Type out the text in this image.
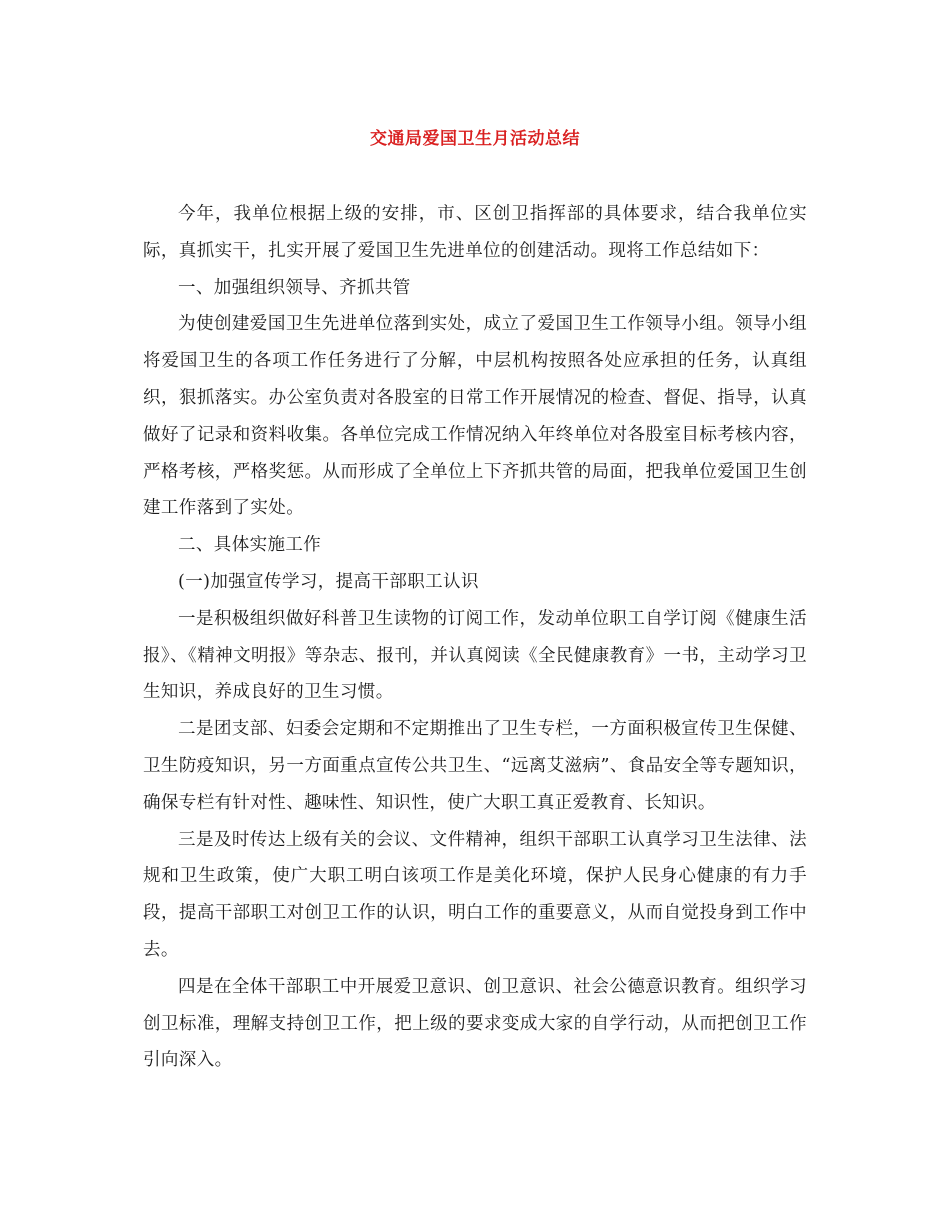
交通局爱国卫生月活动总结

今年，我单位根据上级的安排，市、区创卫指挥部的具体要求，结合我单位实际，真抓实干，扎实开展了爱国卫生先进单位的创建活动。现将工作总结如下：

一、加强组织领导、齐抓共管

为使创建爱国卫生先进单位落到实处，成立了爱国卫生工作领导小组。领导小组将爱国卫生的各项工作任务进行了分解，中层机构按照各处应承担的任务，认真组织，狠抓落实。办公室负责对各股室的日常工作开展情况的检查、督促、指导，认真做好了记录和资料收集。各单位完成工作情况纳入年终单位对各股室目标考核内容，严格考核，严格奖惩。从而形成了全单位上下齐抓共管的局面，把我单位爱国卫生创建工作落到了实处。

二、具体实施工作

(一)加强宣传学习，提高干部职工认识

一是积极组织做好科普卫生读物的订阅工作，发动单位职工自学订阅《健康生活报》、《精神文明报》等杂志、报刊，并认真阅读《全民健康教育》一书，主动学习卫生知识，养成良好的卫生习惯。

二是团支部、妇委会定期和不定期推出了卫生专栏，一方面积极宣传卫生保健、卫生防疫知识，另一方面重点宣传公共卫生、“远离艾滋病”、食品安全等专题知识，确保专栏有针对性、趣味性、知识性，使广大职工真正爱教育、长知识。

三是及时传达上级有关的会议、文件精神，组织干部职工认真学习卫生法律、法规和卫生政策，使广大职工明白该项工作是美化环境，保护人民身心健康的有力手段，提高干部职工对创卫工作的认识，明白工作的重要意义，从而自觉投身到工作中去。

四是在全体干部职工中开展爱卫意识、创卫意识、社会公德意识教育。组织学习创卫标准，理解支持创卫工作，把上级的要求变成大家的自学行动，从而把创卫工作引向深入。
